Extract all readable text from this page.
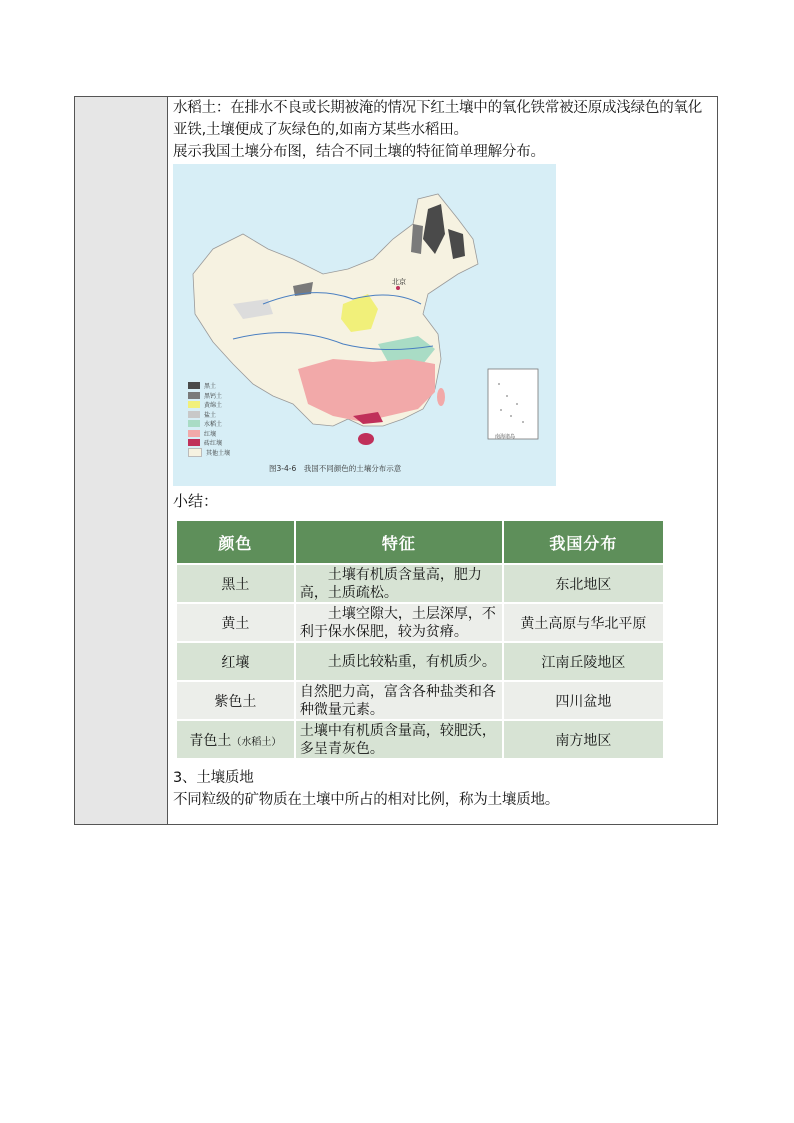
水稻土：在排水不良或长期被淹的情况下红土壤中的氧化铁常被还原成浅绿色的氧化亚铁,土壤便成了灰绿色的,如南方某些水稻田。

展示我国土壤分布图，结合不同土壤的特征简单理解分布。

北京
南海诸岛
黑土
黑钙土
黄绵土
盐土
水稻土
红壤
砖红壤
其他土壤
图3-4-6　我国不同颜色的土壤分布示意
小结：
颜色	特征	我国分布
黑土	　　土壤有机质含量高，肥力高，土质疏松。	东北地区
黄土	　　土壤空隙大，土层深厚，不利于保水保肥，较为贫瘠。	黄土高原与华北平原
红壤	　　土质比较粘重，有机质少。	江南丘陵地区
紫色土	自然肥力高，富含各种盐类和各种微量元素。	四川盆地
青色土（水稻土）	土壤中有机质含量高，较肥沃，多呈青灰色。	南方地区

3、土壤质地

不同粒级的矿物质在土壤中所占的相对比例，称为土壤质地。
